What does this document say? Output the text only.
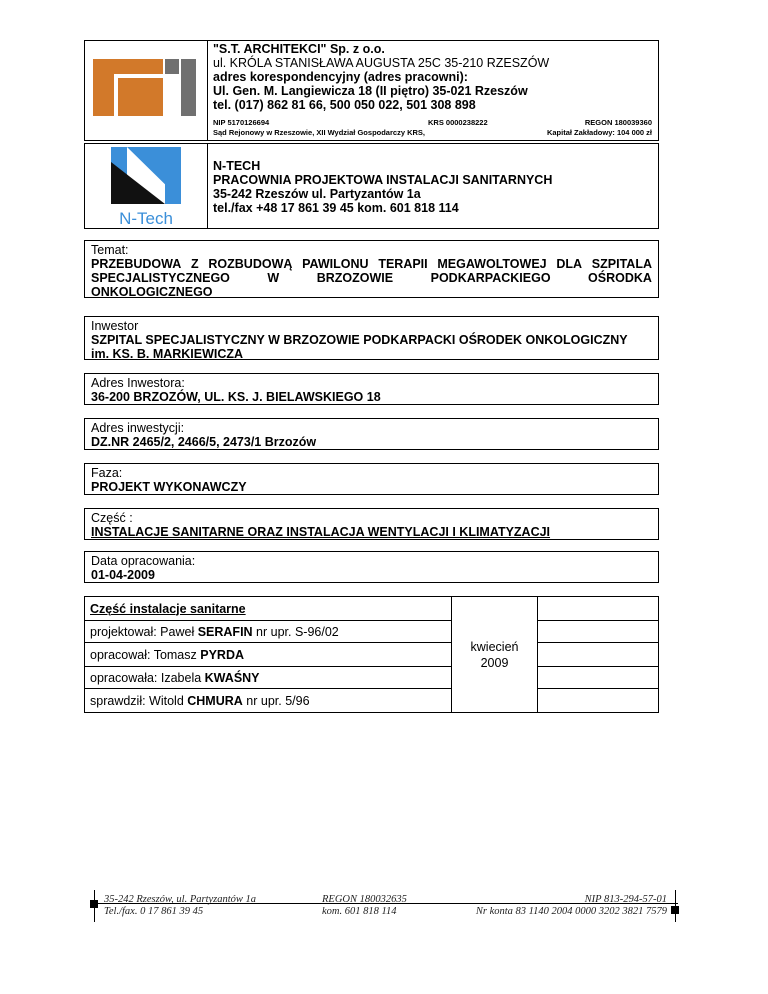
"S.T. ARCHITEKCI" Sp. z o.o.
ul. KRÓLA STANISŁAWA AUGUSTA 25C 35-210 RZESZÓW
adres korespondencyjny (adres pracowni):
Ul. Gen. M. Langiewicza 18 (II piętro) 35-021 Rzeszów
tel. (017) 862 81 66, 500 050 022, 501 308 898
NIP 5170126694	KRS 0000238222	REGON 180039360
Sąd Rejonowy w Rzeszowie, XII Wydział Gospodarczy KRS,	Kapitał Zakładowy: 104 000 zł
N-Tech
N-TECH
PRACOWNIA PROJEKTOWA INSTALACJI SANITARNYCH
35-242 Rzeszów ul. Partyzantów 1a
tel./fax +48 17 861 39 45 kom. 601 818 114
Temat:
PRZEBUDOWA Z ROZBUDOWĄ PAWILONU TERAPII MEGAWOLTOWEJ DLA SZPITALA
SPECJALISTYCZNEGO	W	BRZOZOWIE	PODKARPACKIEGO	OŚRODKA
ONKOLOGICZNEGO
Inwestor
SZPITAL SPECJALISTYCZNY W BRZOZOWIE PODKARPACKI OŚRODEK ONKOLOGICZNY
im. KS. B. MARKIEWICZA
Adres Inwestora:
36-200 BRZOZÓW, UL. KS. J. BIELAWSKIEGO 18
Adres inwestycji:
DZ.NR 2465/2, 2466/5, 2473/1 Brzozów
Faza:
PROJEKT WYKONAWCZY
Część :
INSTALACJE SANITARNE ORAZ INSTALACJA WENTYLACJI I KLIMATYZACJI
Data opracowania:
01-04-2009
Część instalacje sanitarne	kwiecień
2009	

projektował: Paweł SERAFIN nr upr. S-96/02		
opracował: Tomasz PYRDA		
opracowała: Izabela KWAŚNY		
sprawdził: Witold CHMURA nr upr. 5/96		
35-242 Rzeszów, ul. Partyzantów 1a
Tel./fax. 0 17 861 39 45
REGON 180032635
kom. 601 818 114
NIP 813-294-57-01
Nr konta 83 1140 2004 0000 3202 3821 7579
